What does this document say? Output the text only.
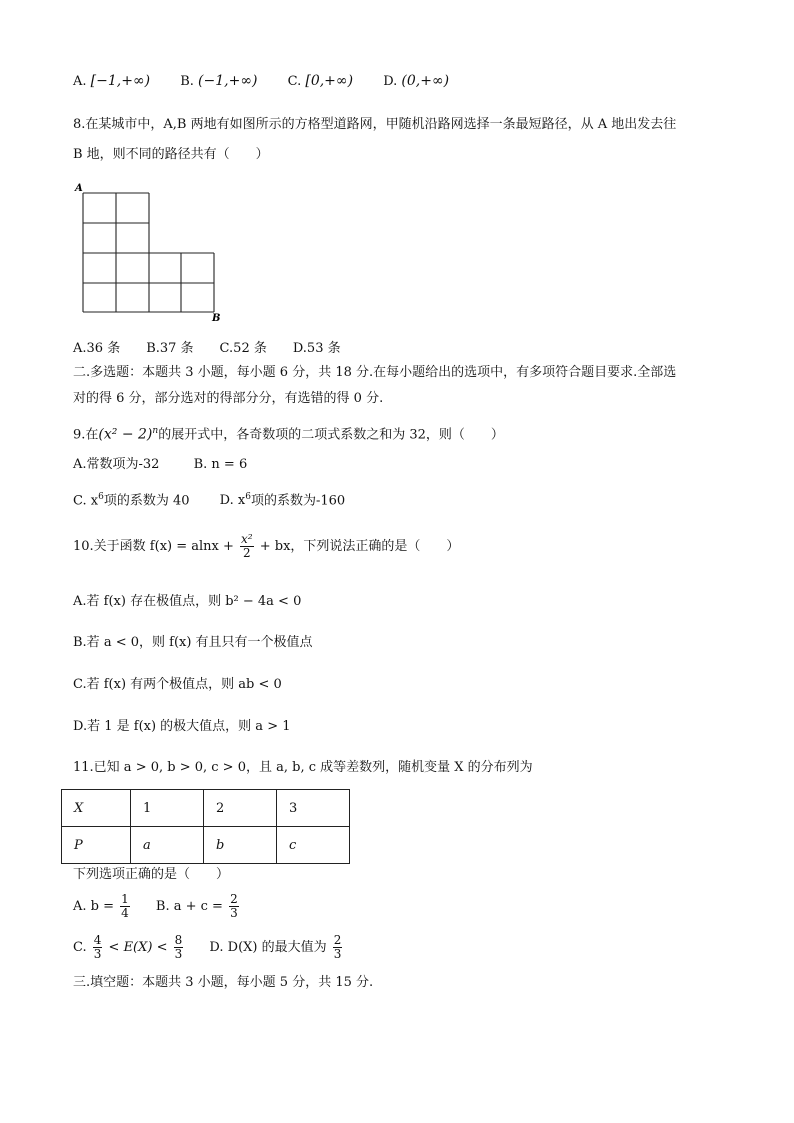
A. [−1,+∞) B. (−1,+∞) C. [0,+∞) D. (0,+∞)
8.在某城市中，A,B 两地有如图所示的方格型道路网，甲随机沿路网选择一条最短路径，从 A 地出发去往
B 地，则不同的路径共有（　　）
A
B
A.36 条　　B.37 条　　C.52 条　　D.53 条
二.多选题：本题共 3 小题，每小题 6 分，共 18 分.在每小题给出的选项中，有多项符合题目要求.全部选
对的得 6 分，部分选对的得部分分，有选错的得 0 分.
9.在$(x^2 - 2)^n$的展开式中，各奇数项的二项式系数之和为 32，则（　　）
A.常数项为-32	B. n = 6
C. $x^6$项的系数为 40 D. $x^6$项的系数为-160
10.关于函数 $f(x) = alnx + \frac{\text{x²}}{2}$ + bx，下列说法正确的是（　　）
A.若 f(x) 存在极值点，则 b² − 4a < 0
B.若 a < 0，则 f(x) 有且只有一个极值点
C.若 f(x) 有两个极值点，则 ab < 0
D.若 1 是 f(x) 的极大值点，则 a > 1
11.已知 a > 0, b > 0, c > 0，且 a, b, c 成等差数列，随机变量 X 的分布列为
X	1	2	3
P	a	b	c
下列选项正确的是（　　）
A. $b = \frac{1}{4} B$. $a + c = \frac{2}{3}$
C. $\frac{4}{3} < E(X) < \frac{8}{3} D$. D(X) 的最大值为 $\frac{2}{3}$
三.填空题：本题共 3 小题，每小题 5 分，共 15 分.
